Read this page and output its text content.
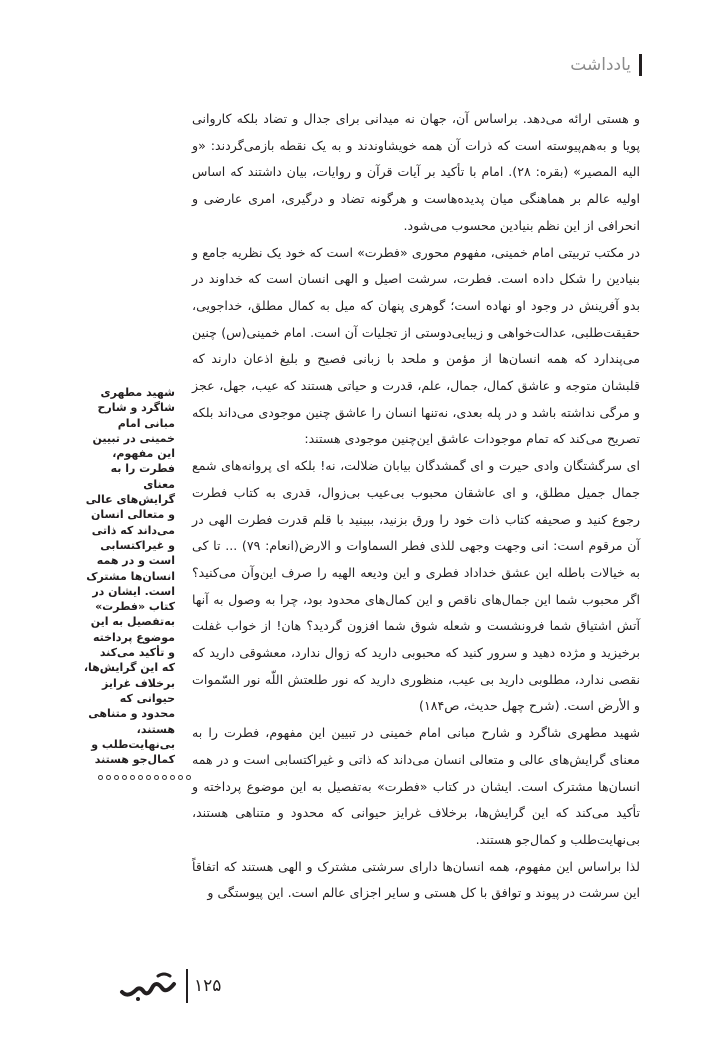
یادداشت

و هستی ارائه می‌دهد. براساس آن، جهان نه میدانی برای جدال و تضاد بلکه کاروانی پویا و به‌هم‌پیوسته است که ذرات آن همه خویشاوندند و به یک نقطه بازمی‌گردند: «و الیه المصیر» (بقره: ۲۸). امام با تأکید بر آیات قرآن و روایات، بیان داشتند که اساس اولیه عالم بر هماهنگی میان پدیده‌هاست و هرگونه تضاد و درگیری، امری عارضی و انحرافی از این نظم بنیادین محسوب می‌شود.

در مکتب تربیتی امام خمینی، مفهوم محوری «فطرت» است که خود یک نظریه جامع و بنیادین را شکل داده است. فطرت، سرشت اصیل و الهی انسان است که خداوند در بدو آفرینش در وجود او نهاده است؛ گوهری پنهان که میل به کمال مطلق، خداجویی، حقیقت‌طلبی، عدالت‌خواهی و زیبایی‌دوستی از تجلیات آن است. امام خمینی(س) چنین می‌پندارد که همه انسان‌ها از مؤمن و ملحد با زبانی فصیح و بلیغ اذعان دارند که قلبشان متوجه و عاشق کمال، جمال، علم، قدرت و حیاتی هستند که عیب، جهل، عجز و مرگی نداشته باشد و در پله بعدی، نه‌تنها انسان را عاشق چنین موجودی می‌داند بلکه تصریح می‌کند که تمام موجودات عاشق این‌چنین موجودی هستند:

ای سرگشتگان وادی حیرت و ای گمشدگان بیابان ضلالت، نه! بلکه ای پروانه‌های شمع جمال جمیل مطلق، و ای عاشقان محبوب بی‌عیب بی‌زوال، قدری به کتاب فطرت رجوع کنید و صحیفه کتاب ذات خود را ورق بزنید، ببینید با قلم قدرت فطرت الهی در آن مرقوم است: انی وجهت وجهی للذی فطر السماوات و الارض(انعام: ۷۹) ... تا کی به خیالات باطله این عشق خداداد فطری و این ودیعه الهیه را صرف این‌وآن می‌کنید؟ اگر محبوب شما این جمال‌های ناقص و این کمال‌های محدود بود، چرا به وصول به آنها آتش اشتیاق شما فرونشست و شعله شوق شما افزون گردید؟ هان! از خواب غفلت برخیزید و مژده دهید و سرور کنید که محبوبی دارید که زوال ندارد، معشوقی دارید که نقصی ندارد، مطلوبی دارید بی عیب، منظوری دارید که نور طلعتش اللّه نور السّموات و الأرض است. (شرح چهل حدیث، ص۱۸۴)

شهید مطهری شاگرد و شارح مبانی امام خمینی در تبیین این مفهوم، فطرت را به معنای گرایش‌های عالی و متعالی انسان می‌داند که ذاتی و غیراکتسابی است و در همه انسان‌ها مشترک است. ایشان در کتاب «فطرت» به‌تفصیل به این موضوع پرداخته و تأکید می‌کند که این گرایش‌ها، برخلاف غرایز حیوانی که محدود و متناهی هستند، بی‌نهایت‌طلب و کمال‌جو هستند.

لذا براساس این مفهوم، همه انسان‌ها دارای سرشتی مشترک و الهی هستند که اتفاقاً این سرشت در پیوند و توافق با کل هستی و سایر اجزای عالم است. این پیوستگی و

شهید مطهری شاگرد و شارح مبانی امام خمینی در تبیین این مفهوم، فطرت را به معنای گرایش‌های عالی و متعالی انسان می‌داند که ذاتی و غیراکتسابی است و در همه انسان‌ها مشترک است. ایشان در کتاب «فطرت» به‌تفصیل به این موضوع پرداخته و تأکید می‌کند که این گرایش‌ها، برخلاف غرایز حیوانی که محدود و متناهی هستند، بی‌نهایت‌طلب و کمال‌جو هستند
۱۲۵
